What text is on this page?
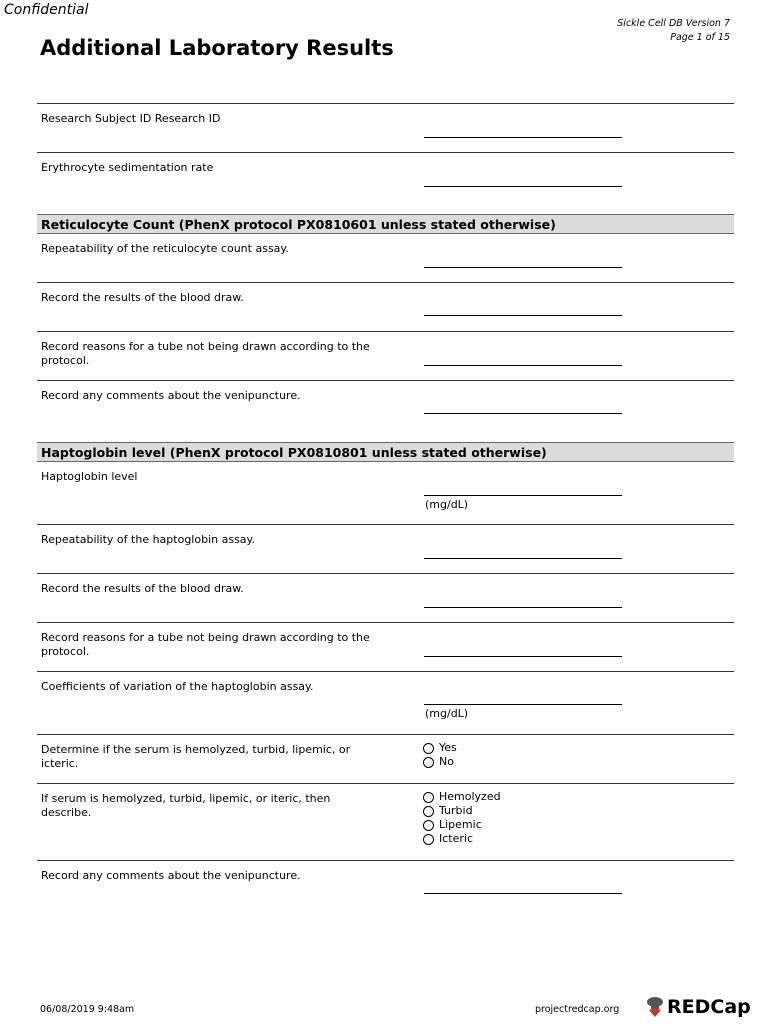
Confidential
Sickle Cell DB Version 7
Page 1 of 15
Additional Laboratory Results
Research Subject ID Research ID
Erythrocyte sedimentation rate
Reticulocyte Count (PhenX protocol PX0810601 unless stated otherwise)
Repeatability of the reticulocyte count assay.
Record the results of the blood draw.
Record reasons for a tube not being drawn according to the protocol.
Record any comments about the venipuncture.
Haptoglobin level (PhenX protocol PX0810801 unless stated otherwise)
Haptoglobin level
(mg/dL)
Repeatability of the haptoglobin assay.
Record the results of the blood draw.
Record reasons for a tube not being drawn according to the protocol.
Coefficients of variation of the haptoglobin assay.
(mg/dL)
Determine if the serum is hemolyzed, turbid, lipemic, or icteric.
Yes
No
If serum is hemolyzed, turbid, lipemic, or iteric, then describe.
Hemolyzed
Turbid
Lipemic
Icteric
Record any comments about the venipuncture.
06/08/2019 9:48am	projectredcap.org	REDCap
